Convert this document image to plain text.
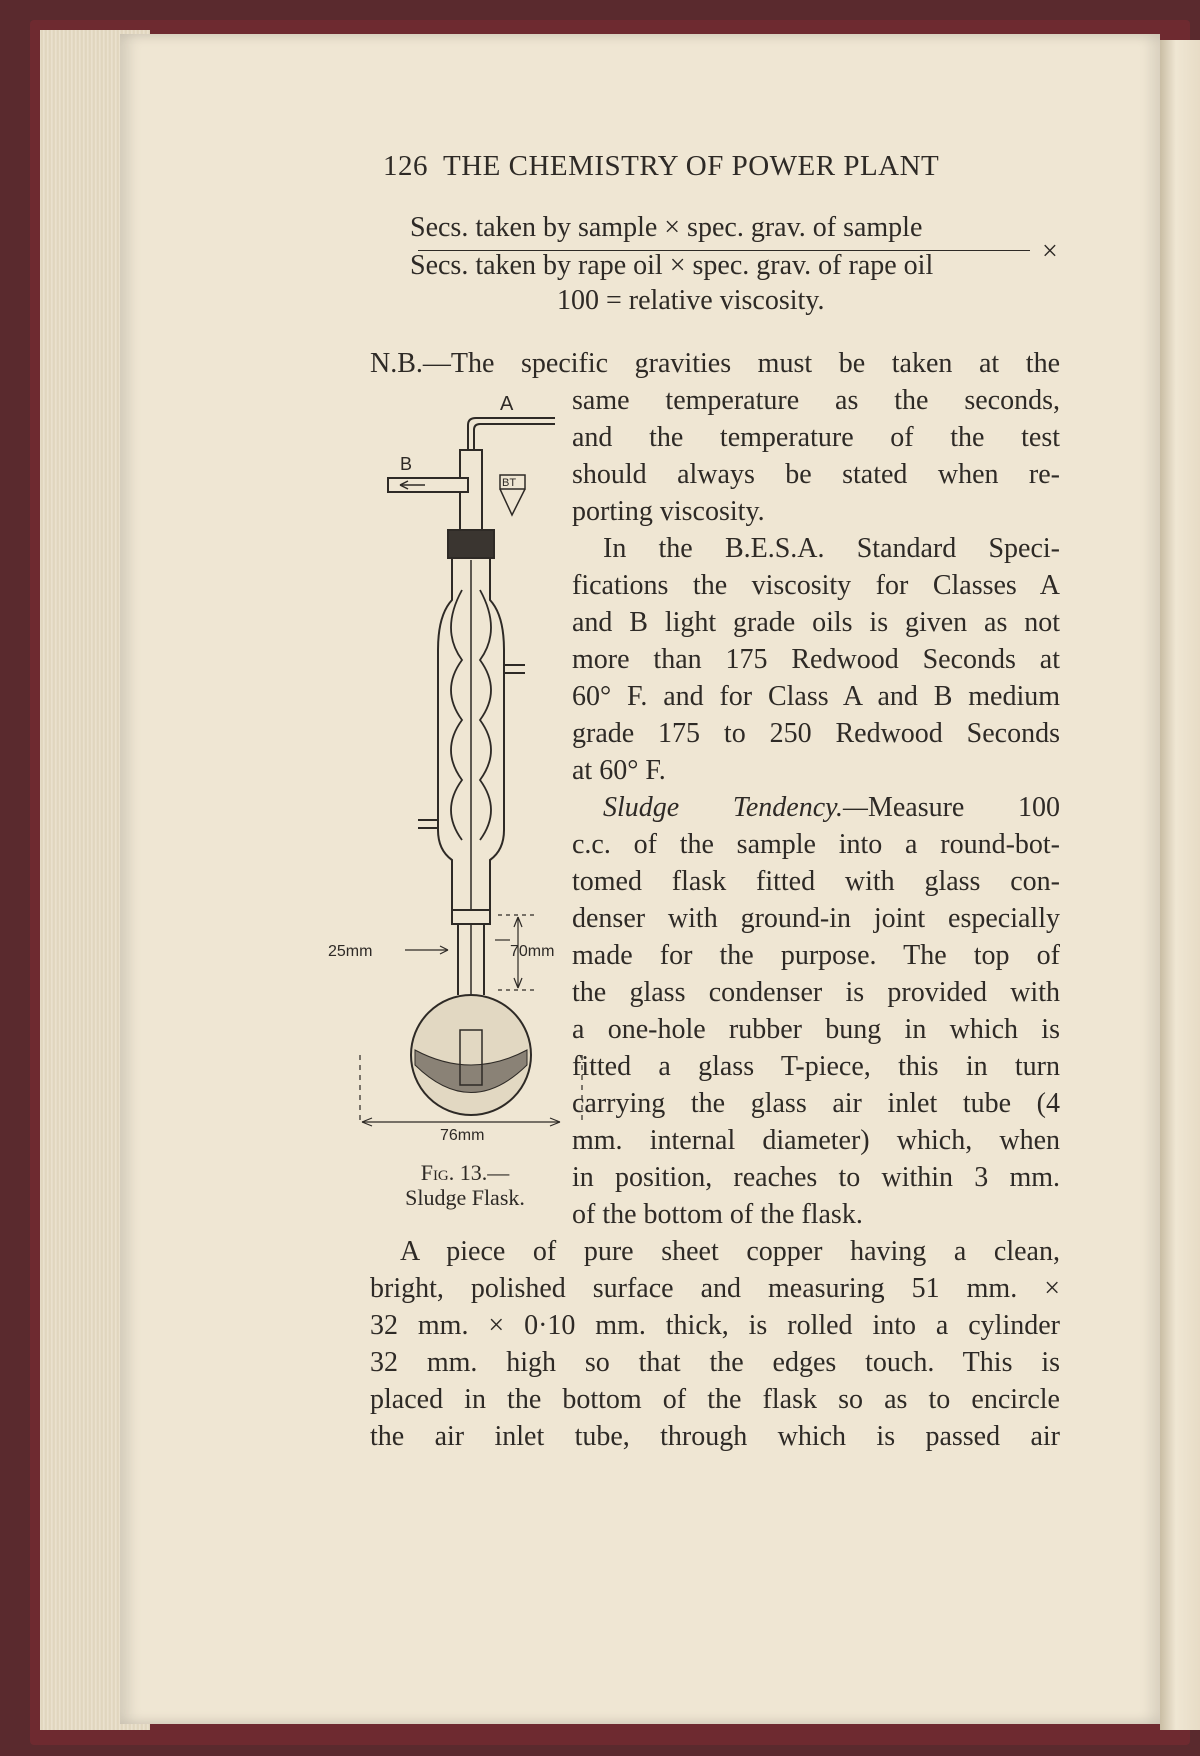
126 THE CHEMISTRY OF POWER PLANT
Secs. taken by sample × spec. grav. of sample
Secs. taken by rape oil × spec. grav. of rape oil	×
100 = relative viscosity.
N.B.—The specific gravities must be taken at the
same temperature as the seconds,
and the temperature of the test
should always be stated when re-
porting viscosity.
In the B.E.S.A. Standard Speci-
fications the viscosity for Classes A
and B light grade oils is given as not
more than 175 Redwood Seconds at
60° F. and for Class A and B medium
grade 175 to 250 Redwood Seconds
at 60° F.
Sludge Tendency.—Measure 100
c.c. of the sample into a round-bot-
tomed flask fitted with glass con-
denser with ground-in joint especially
made for the purpose. The top of
the glass condenser is provided with
a one-hole rubber bung in which is
fitted a glass T-piece, this in turn
carrying the glass air inlet tube (4
mm. internal diameter) which, when
in position, reaches to within 3 mm.
of the bottom of the flask.
A piece of pure sheet copper having a clean,
bright, polished surface and measuring 51 mm. ×
32 mm. × 0·10 mm. thick, is rolled into a cylinder
32 mm. high so that the edges touch. This is
placed in the bottom of the flask so as to encircle
the air inlet tube, through which is passed air
A
B
BT
25mm	70mm
76mm
Fig. 13.—
Sludge Flask.
